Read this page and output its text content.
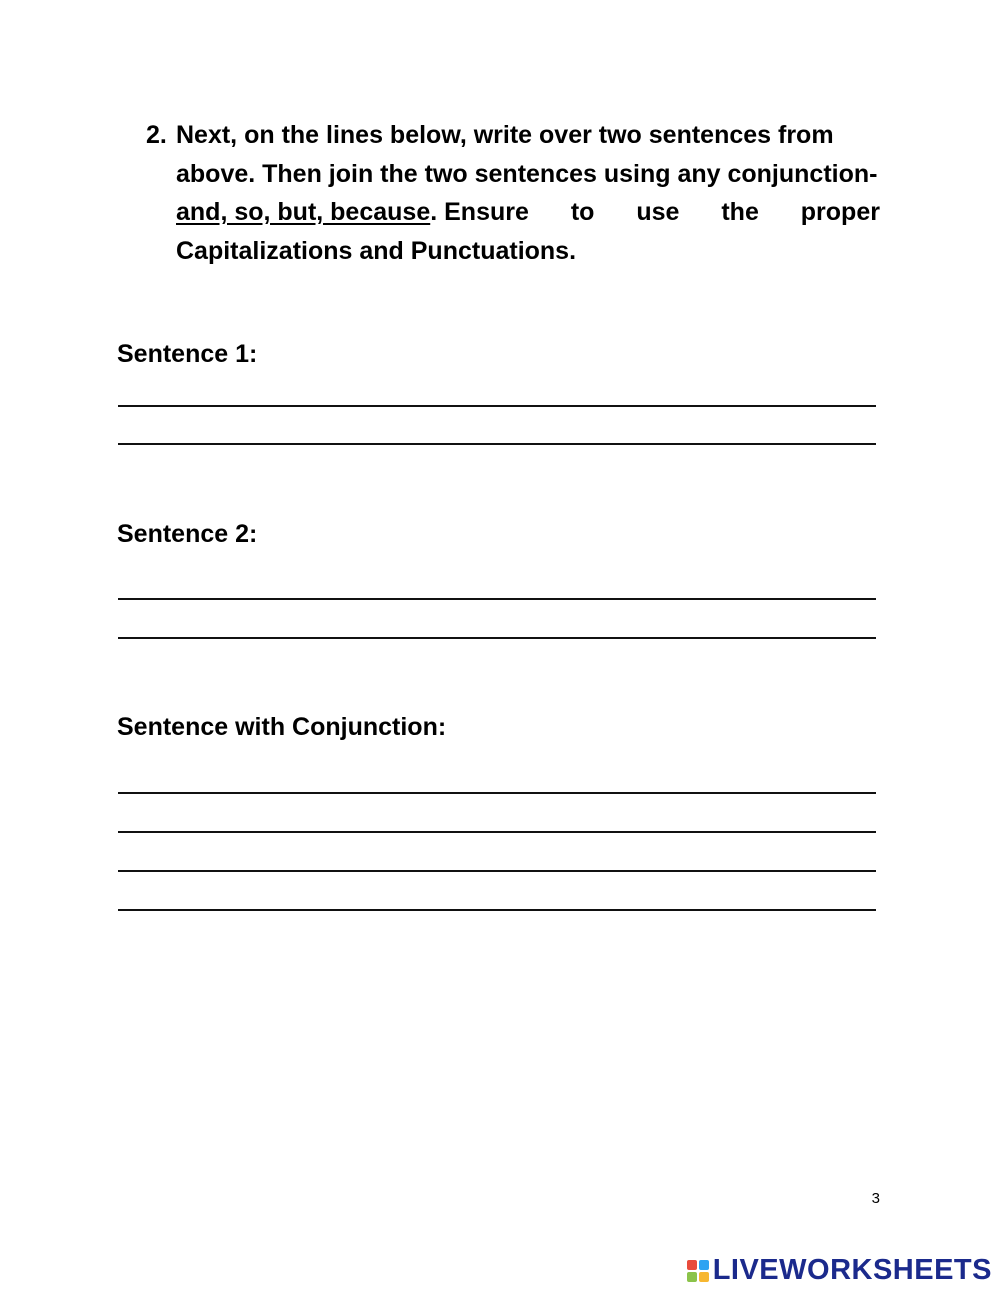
2. Next, on the lines below, write over two sentences from
above. Then join the two sentences using any conjunction-
and, so, but, because. Ensure to use the proper
Capitalizations and Punctuations.
Sentence 1:
Sentence 2:
Sentence with Conjunction:
3
LIVEWORKSHEETS
